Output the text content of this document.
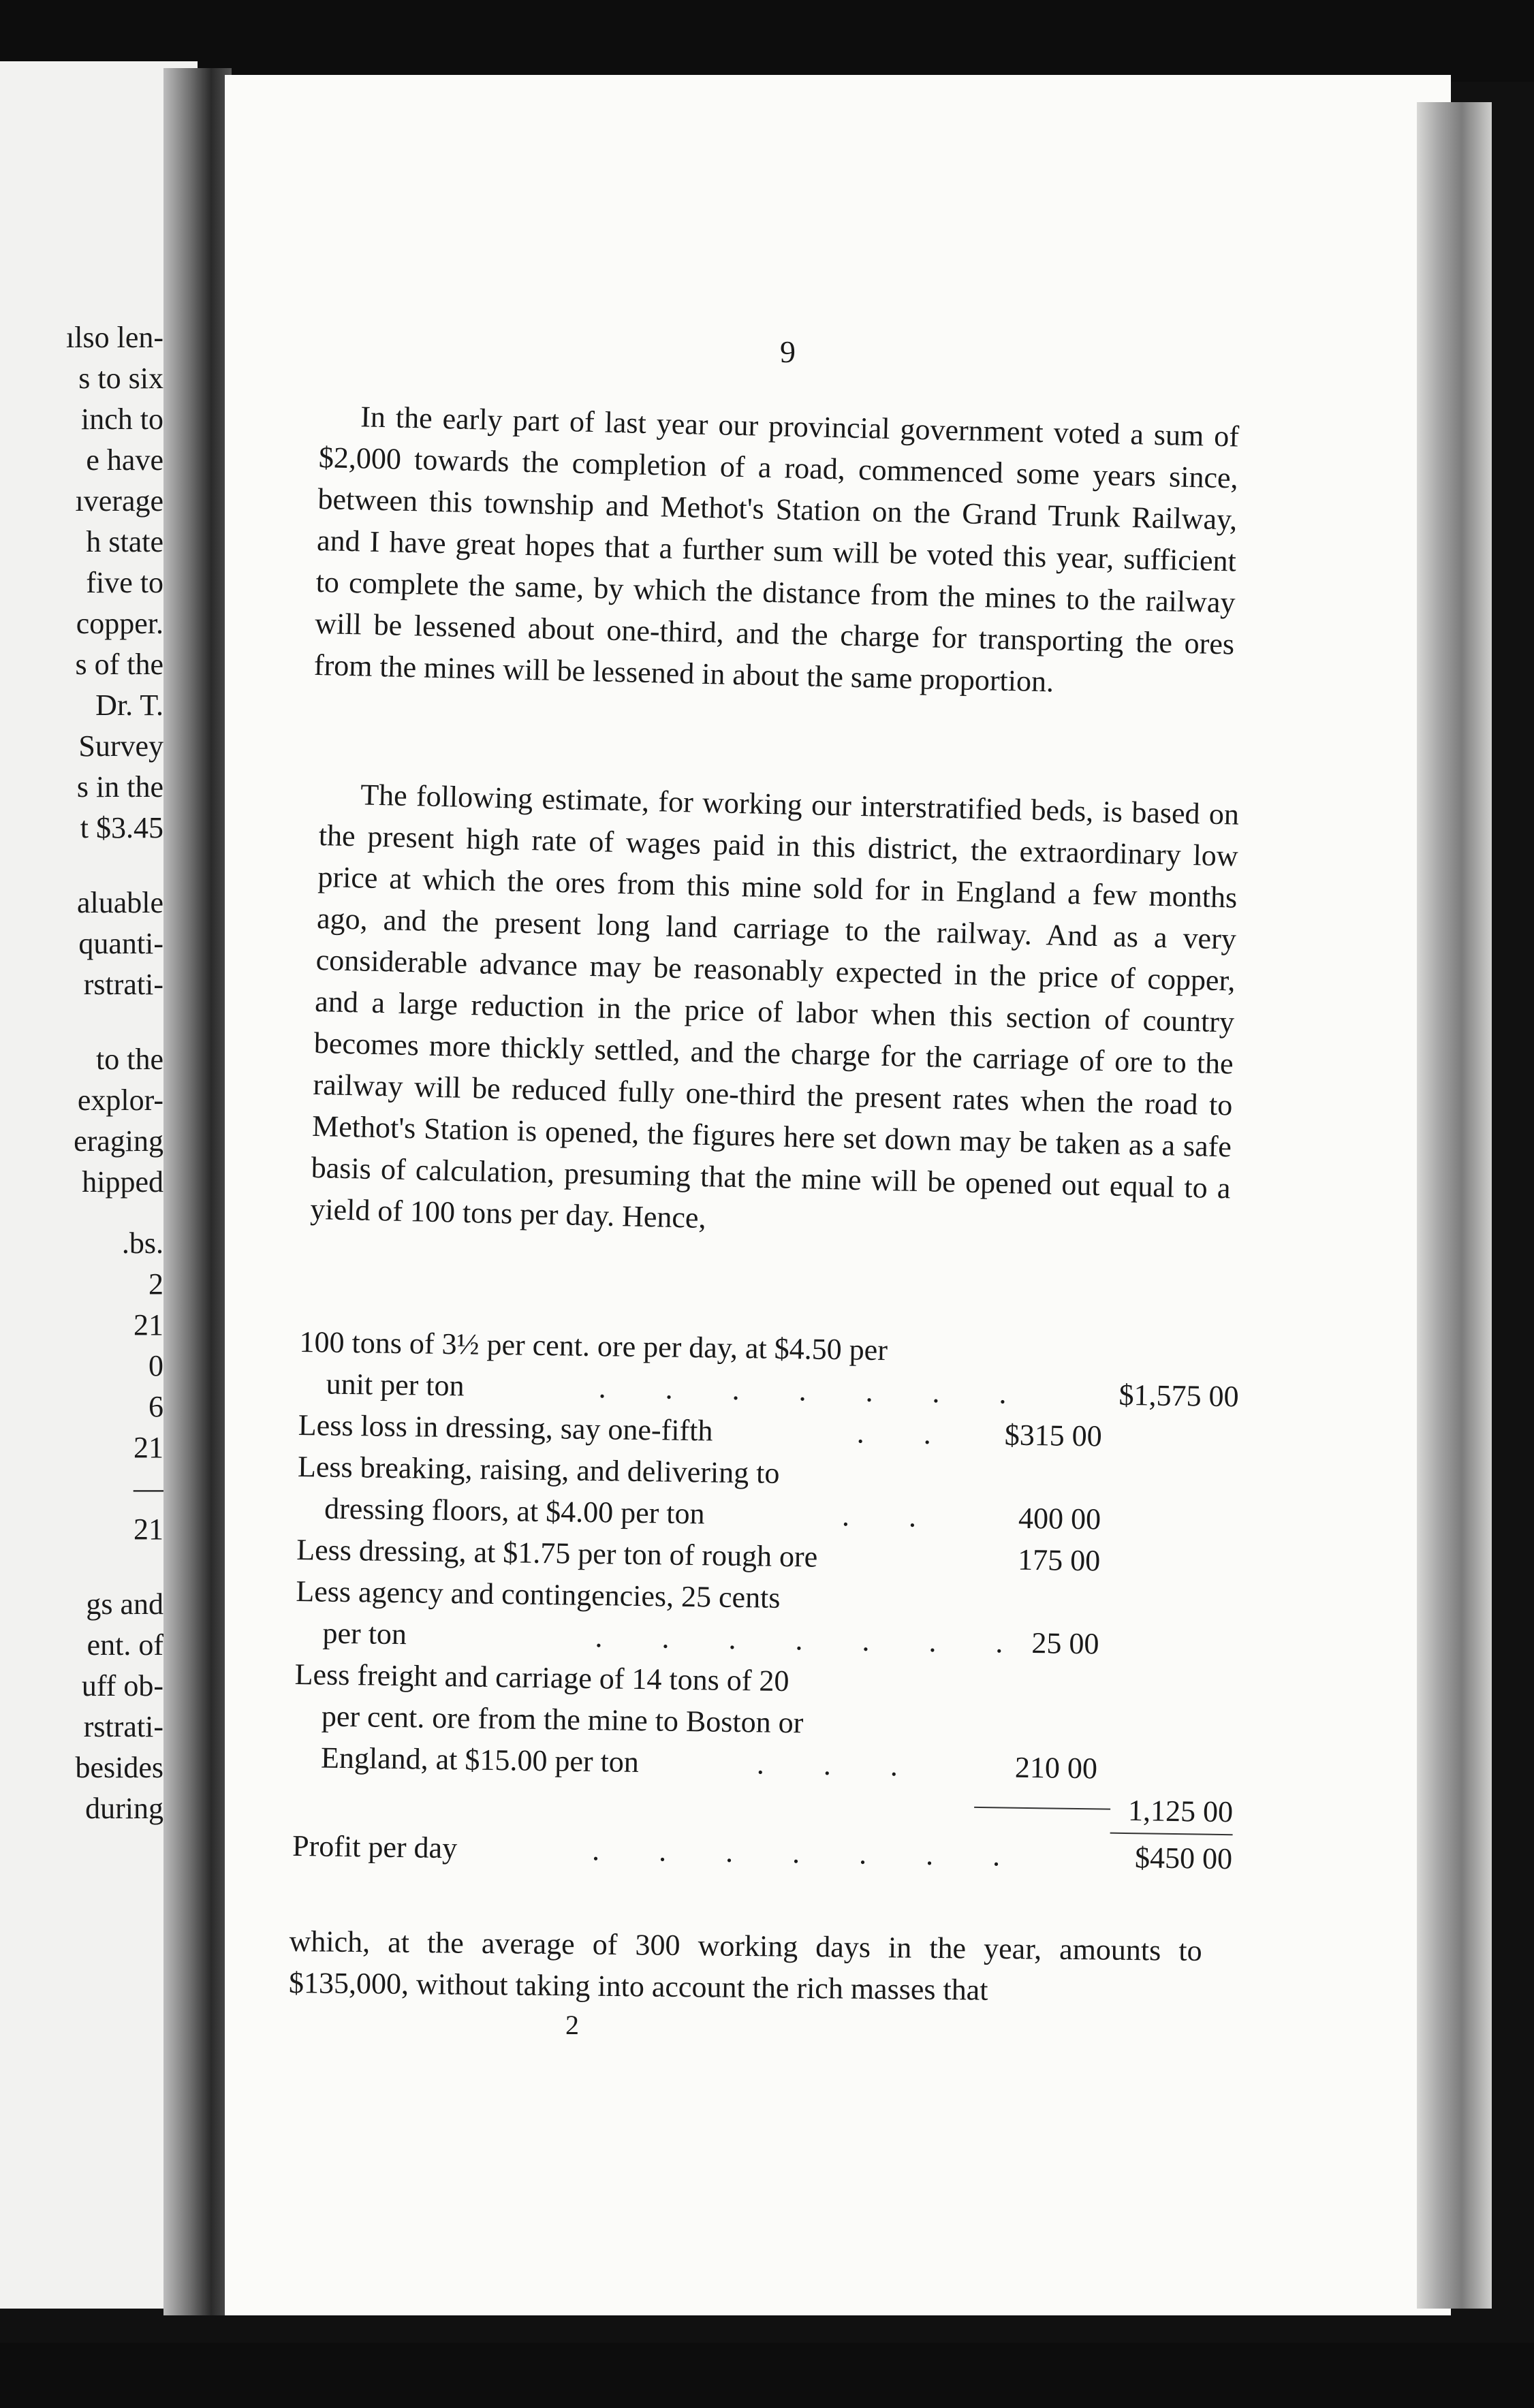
ılso len-
s to six
inch to
e have
ıverage
h state
five to
copper.
s of the
Dr. T.
Survey
s in the
t $3.45
aluable
quanti-
rstrati-
to the
explor-
eraging
hipped
.bs.
2
21
0
6
21
—
21
gs and
ent. of
uff ob-
rstrati-
besides
during
9
In the early part of last year our provincial government voted a sum of $2,000 towards the completion of a road, commenced some years since, between this township and Methot's Station on the Grand Trunk Railway, and I have great hopes that a further sum will be voted this year, sufficient to complete the same, by which the distance from the mines to the railway will be lessened about one-third, and the charge for transporting the ores from the mines will be lessened in about the same proportion.
The following estimate, for working our interstratified beds, is based on the present high rate of wages paid in this district, the extraordinary low price at which the ores from this mine sold for in England a few months ago, and the present long land carriage to the railway. And as a very considerable advance may be reasonably expected in the price of copper, and a large reduction in the price of labor when this section of country becomes more thickly settled, and the charge for the carriage of ore to the railway will be reduced fully one-third the present rates when the road to Methot's Station is opened, the figures here set down may be taken as a safe basis of calculation, presuming that the mine will be opened out equal to a yield of 100 tons per day. Hence,
100 tons of 3½ per cent. ore per day, at $4.50 per
unit per ton	. . . . . . .	$1,575 00
Less loss in dressing, say one-fifth	. .	$315 00
Less breaking, raising, and delivering to
dressing floors, at $4.00 per ton	. .	400 00
Less dressing, at $1.75 per ton of rough ore	175 00
Less agency and contingencies, 25 cents
per ton	. . . . . . . 25 00
Less freight and carriage of 14 tons of 20
per cent. ore from the mine to Boston or
England, at $15.00 per ton	. . .	210 00
1,125 00
Profit per day	. . . . . . .	$450 00
which, at the average of 300 working days in the year, amounts to $135,000, without taking into account the rich masses that
2
